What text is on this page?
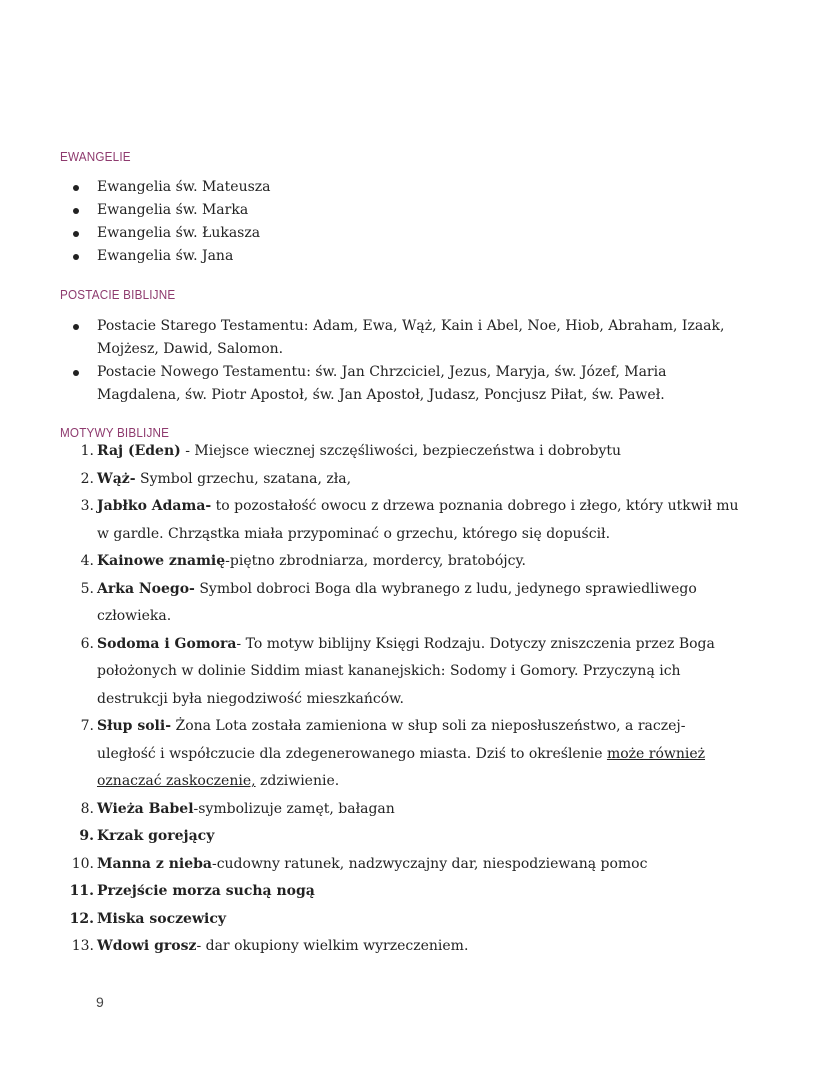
EWANGELIE
Ewangelia św. Mateusza
Ewangelia św. Marka
Ewangelia św. Łukasza
Ewangelia św. Jana
POSTACIE BIBLIJNE
Postacie Starego Testamentu: Adam, Ewa, Wąż, Kain i Abel, Noe, Hiob, Abraham, Izaak, Mojżesz, Dawid, Salomon.
Postacie Nowego Testamentu: św. Jan Chrzciciel, Jezus, Maryja, św. Józef, Maria Magdalena, św. Piotr Apostoł, św. Jan Apostoł, Judasz, Poncjusz Piłat, św. Paweł.
MOTYWY BIBLIJNE
1. Raj (Eden) - Miejsce wiecznej szczęśliwości, bezpieczeństwa i dobrobytu
2. Wąż- Symbol grzechu, szatana, zła,
3. Jabłko Adama- to pozostałość owocu z drzewa poznania dobrego i złego, który utkwił mu w gardle. Chrząstka miała przypominać o grzechu, którego się dopuścił.
4. Kainowe znamię-piętno zbrodniarza, mordercy, bratobójcy.
5. Arka Noego- Symbol dobroci Boga dla wybranego z ludu, jedynego sprawiedliwego człowieka.
6. Sodoma i Gomora- To motyw biblijny Księgi Rodzaju. Dotyczy zniszczenia przez Boga położonych w dolinie Siddim miast kananejskich: Sodomy i Gomory. Przyczyną ich destrukcji była niegodziwość mieszkańców.
7. Słup soli- Żona Lota została zamieniona w słup soli za nieposłuszeństwo, a raczej-uległość i współczucie dla zdegenerowanego miasta. Dziś to określenie może również oznaczać zaskoczenie, zdziwienie.
8. Wieża Babel-symbolizuje zamęt, bałagan
9. Krzak gorejący
10. Manna z nieba-cudowny ratunek, nadzwyczajny dar, niespodziewaną pomoc
11. Przejście morza suchą nogą
12. Miska soczewicy
13. Wdowi grosz- dar okupiony wielkim wyrzeczeniem.
9
